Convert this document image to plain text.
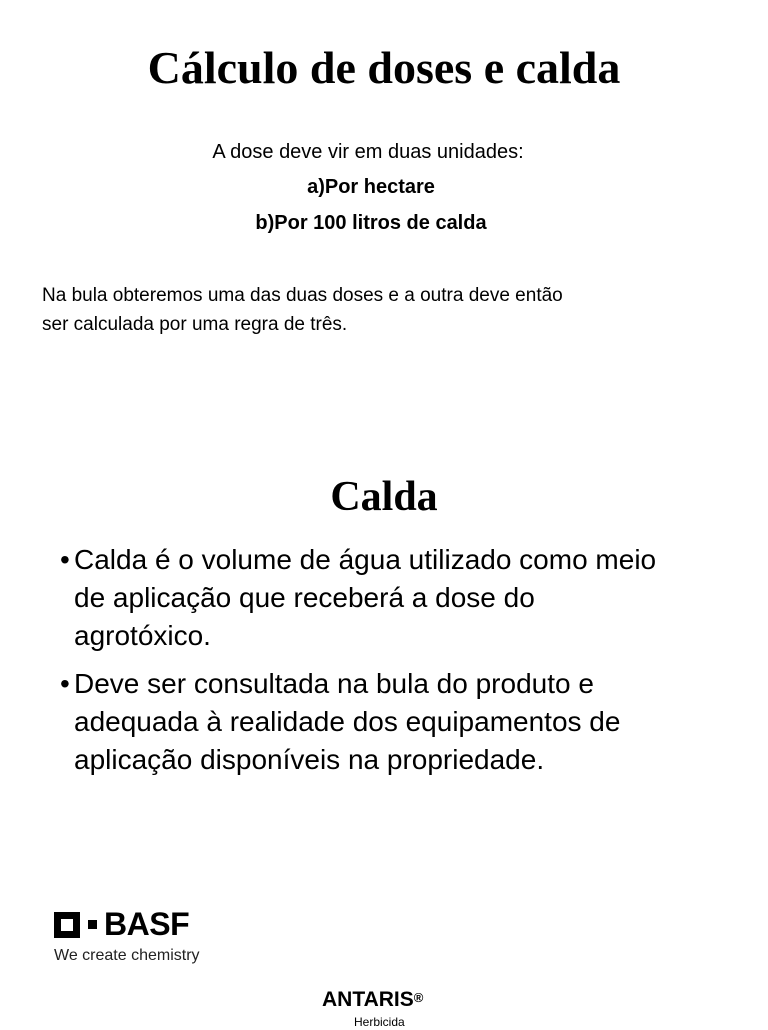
Cálculo de doses e calda
A dose deve vir em duas unidades:
a)Por hectare
b)Por 100 litros de calda
Na bula obteremos uma das duas doses e a outra deve então
ser calculada por uma regra de três.
Calda
• Calda é o volume de água utilizado como meio
de aplicação que receberá a dose do
agrotóxico.
• Deve ser consultada na bula do produto e
adequada à realidade dos equipamentos de
aplicação disponíveis na propriedade.
BASF
We create chemistry
ANTARIS®
Herbicida
